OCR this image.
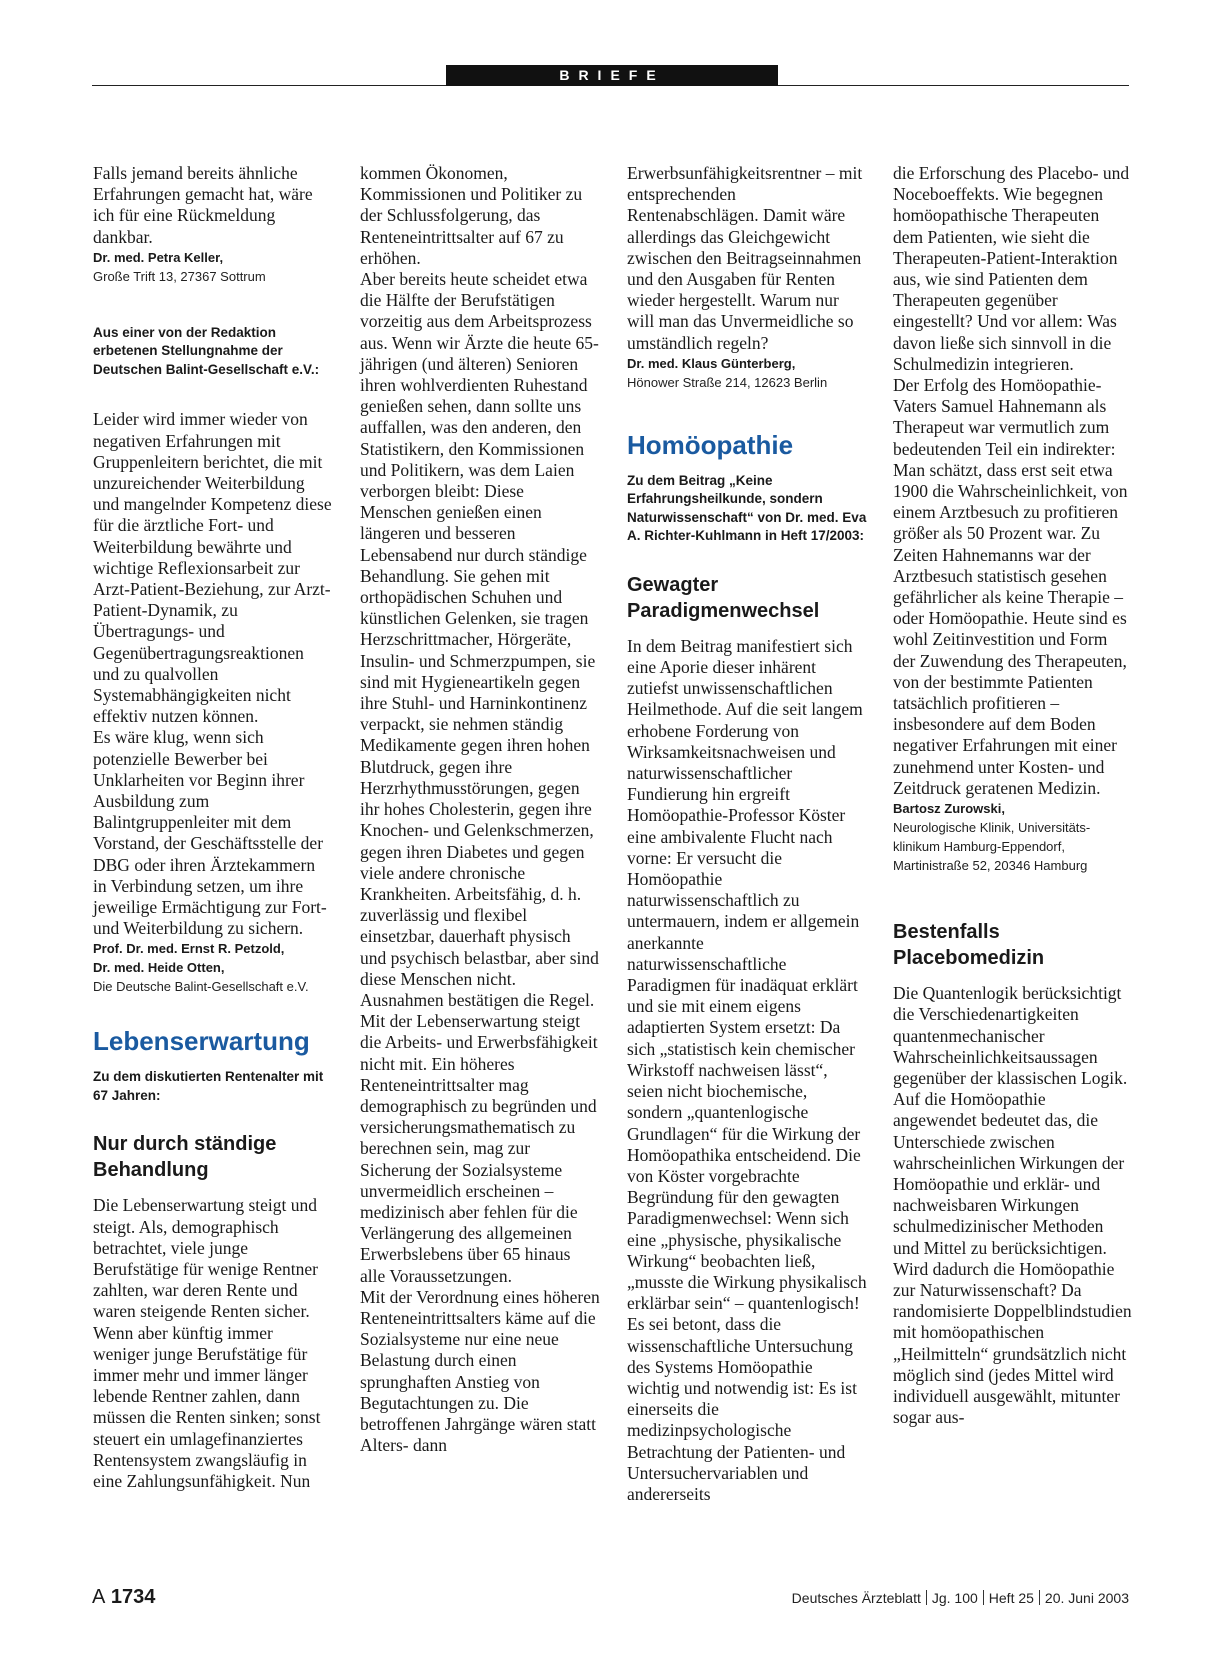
BRIEFE

Falls jemand bereits ähnliche Erfahrungen gemacht hat, wäre ich für eine Rückmeldung dankbar.

Dr. med. Petra Keller,

Große Trift 13, 27367 Sottrum

Aus einer von der Redaktion erbetenen Stellungnahme der Deutschen Balint-Gesellschaft e.V.:

Leider wird immer wieder von negativen Erfahrungen mit Gruppenleitern berichtet, die mit unzureichender Weiterbildung und mangelnder Kompetenz diese für die ärztliche Fort- und Weiterbildung bewährte und wichtige Reflexionsarbeit zur Arzt-Patient-Beziehung, zur Arzt-Patient-Dynamik, zu Übertragungs- und Gegenübertragungsreaktionen und zu qualvollen Systemabhängigkeiten nicht effektiv nutzen können.

Es wäre klug, wenn sich potenzielle Bewerber bei Unklarheiten vor Beginn ihrer Ausbildung zum Balintgruppenleiter mit dem Vorstand, der Geschäftsstelle der DBG oder ihren Ärztekammern in Verbindung setzen, um ihre jeweilige Ermächtigung zur Fort- und Weiterbildung zu sichern.

Prof. Dr. med. Ernst R. Petzold,

Dr. med. Heide Otten,

Die Deutsche Balint-Gesellschaft e.V.

Lebenserwartung

Zu dem diskutierten Rentenalter mit 67 Jahren:

Nur durch ständige Behandlung

Die Lebenserwartung steigt und steigt. Als, demographisch betrachtet, viele junge Berufstätige für wenige Rentner zahlten, war deren Rente und waren steigende Renten sicher. Wenn aber künftig immer weniger junge Berufstätige für immer mehr und immer länger lebende Rentner zahlen, dann müssen die Renten sinken; sonst steuert ein umlagefinanziertes Rentensystem zwangsläufig in eine Zahlungsunfähigkeit. Nun

kommen Ökonomen, Kommissionen und Politiker zu der Schlussfolgerung, das Renteneintrittsalter auf 67 zu erhöhen.

Aber bereits heute scheidet etwa die Hälfte der Berufstätigen vorzeitig aus dem Arbeitsprozess aus. Wenn wir Ärzte die heute 65-jährigen (und älteren) Senioren ihren wohlverdienten Ruhestand genießen sehen, dann sollte uns auffallen, was den anderen, den Statistikern, den Kommissionen und Politikern, was dem Laien verborgen bleibt: Diese Menschen genießen einen längeren und besseren Lebensabend nur durch ständige Behandlung. Sie gehen mit orthopädischen Schuhen und künstlichen Gelenken, sie tragen Herzschrittmacher, Hörgeräte, Insulin- und Schmerzpumpen, sie sind mit Hygieneartikeln gegen ihre Stuhl- und Harninkontinenz verpackt, sie nehmen ständig Medikamente gegen ihren hohen Blutdruck, gegen ihre Herzrhythmusstörungen, gegen ihr hohes Cholesterin, gegen ihre Knochen- und Gelenkschmerzen, gegen ihren Diabetes und gegen viele andere chronische Krankheiten. Arbeitsfähig, d. h. zuverlässig und flexibel einsetzbar, dauerhaft physisch und psychisch belastbar, aber sind diese Menschen nicht. Ausnahmen bestätigen die Regel. Mit der Lebenserwartung steigt die Arbeits- und Erwerbsfähigkeit nicht mit. Ein höheres Renteneintrittsalter mag demographisch zu begründen und versicherungsmathematisch zu berechnen sein, mag zur Sicherung der Sozialsysteme unvermeidlich erscheinen – medizinisch aber fehlen für die Verlängerung des allgemeinen Erwerbslebens über 65 hinaus alle Voraussetzungen.

Mit der Verordnung eines höheren Renteneintrittsalters käme auf die Sozialsysteme nur eine neue Belastung durch einen sprunghaften Anstieg von Begutachtungen zu. Die betroffenen Jahrgänge wären statt Alters- dann

Erwerbsunfähigkeitsrentner – mit entsprechenden Rentenabschlägen. Damit wäre allerdings das Gleichgewicht zwischen den Beitragseinnahmen und den Ausgaben für Renten wieder hergestellt. Warum nur will man das Unvermeidliche so umständlich regeln?

Dr. med. Klaus Günterberg,

Hönower Straße 214, 12623 Berlin

Homöopathie

Zu dem Beitrag „Keine Erfahrungsheilkunde, sondern Naturwissenschaft“ von Dr. med. Eva A. Richter-Kuhlmann in Heft 17/2003:

Gewagter Paradigmenwechsel

In dem Beitrag manifestiert sich eine Aporie dieser inhärent zutiefst unwissenschaftlichen Heilmethode. Auf die seit langem erhobene Forderung von Wirksamkeitsnachweisen und naturwissenschaftlicher Fundierung hin ergreift Homöopathie-Professor Köster eine ambivalente Flucht nach vorne: Er versucht die Homöopathie naturwissenschaftlich zu untermauern, indem er allgemein anerkannte naturwissenschaftliche Paradigmen für inadäquat erklärt und sie mit einem eigens adaptierten System ersetzt: Da sich „statistisch kein chemischer Wirkstoff nachweisen lässt“, seien nicht biochemische, sondern „quantenlogische Grundlagen“ für die Wirkung der Homöopathika entscheidend. Die von Köster vorgebrachte Begründung für den gewagten Paradigmenwechsel: Wenn sich eine „physische, physikalische Wirkung“ beobachten ließ, „musste die Wirkung physikalisch erklärbar sein“ – quantenlogisch!

Es sei betont, dass die wissenschaftliche Untersuchung des Systems Homöopathie wichtig und notwendig ist: Es ist einerseits die medizinpsychologische Betrachtung der Patienten- und Untersuchervariablen und andererseits

die Erforschung des Placebo- und Noceboeffekts. Wie begegnen homöopathische Therapeuten dem Patienten, wie sieht die Therapeuten-Patient-Interaktion aus, wie sind Patienten dem Therapeuten gegenüber eingestellt? Und vor allem: Was davon ließe sich sinnvoll in die Schulmedizin integrieren.

Der Erfolg des Homöopathie-Vaters Samuel Hahnemann als Therapeut war vermutlich zum bedeutenden Teil ein indirekter: Man schätzt, dass erst seit etwa 1900 die Wahrscheinlichkeit, von einem Arztbesuch zu profitieren größer als 50 Prozent war. Zu Zeiten Hahnemanns war der Arztbesuch statistisch gesehen gefährlicher als keine Therapie – oder Homöopathie. Heute sind es wohl Zeitinvestition und Form der Zuwendung des Therapeuten, von der bestimmte Patienten tatsächlich profitieren – insbesondere auf dem Boden negativer Erfahrungen mit einer zunehmend unter Kosten- und Zeitdruck geratenen Medizin.

Bartosz Zurowski,

Neurologische Klinik, Universitäts-

klinikum Hamburg-Eppendorf,

Martinistraße 52, 20346 Hamburg

Bestenfalls Placebomedizin

Die Quantenlogik berücksichtigt die Verschiedenartigkeiten quantenmechanischer Wahrscheinlichkeitsaussagen gegenüber der klassischen Logik. Auf die Homöopathie angewendet bedeutet das, die Unterschiede zwischen wahrscheinlichen Wirkungen der Homöopathie und erklär- und nachweisbaren Wirkungen schulmedizinischer Methoden und Mittel zu berücksichtigen. Wird dadurch die Homöopathie zur Naturwissenschaft? Da randomisierte Doppelblindstudien mit homöopathischen „Heilmitteln“ grundsätzlich nicht möglich sind (jedes Mittel wird individuell ausgewählt, mitunter sogar aus-

A 1734	Deutsches Ärzteblatt Jg. 100 Heft 25 20. Juni 2003
